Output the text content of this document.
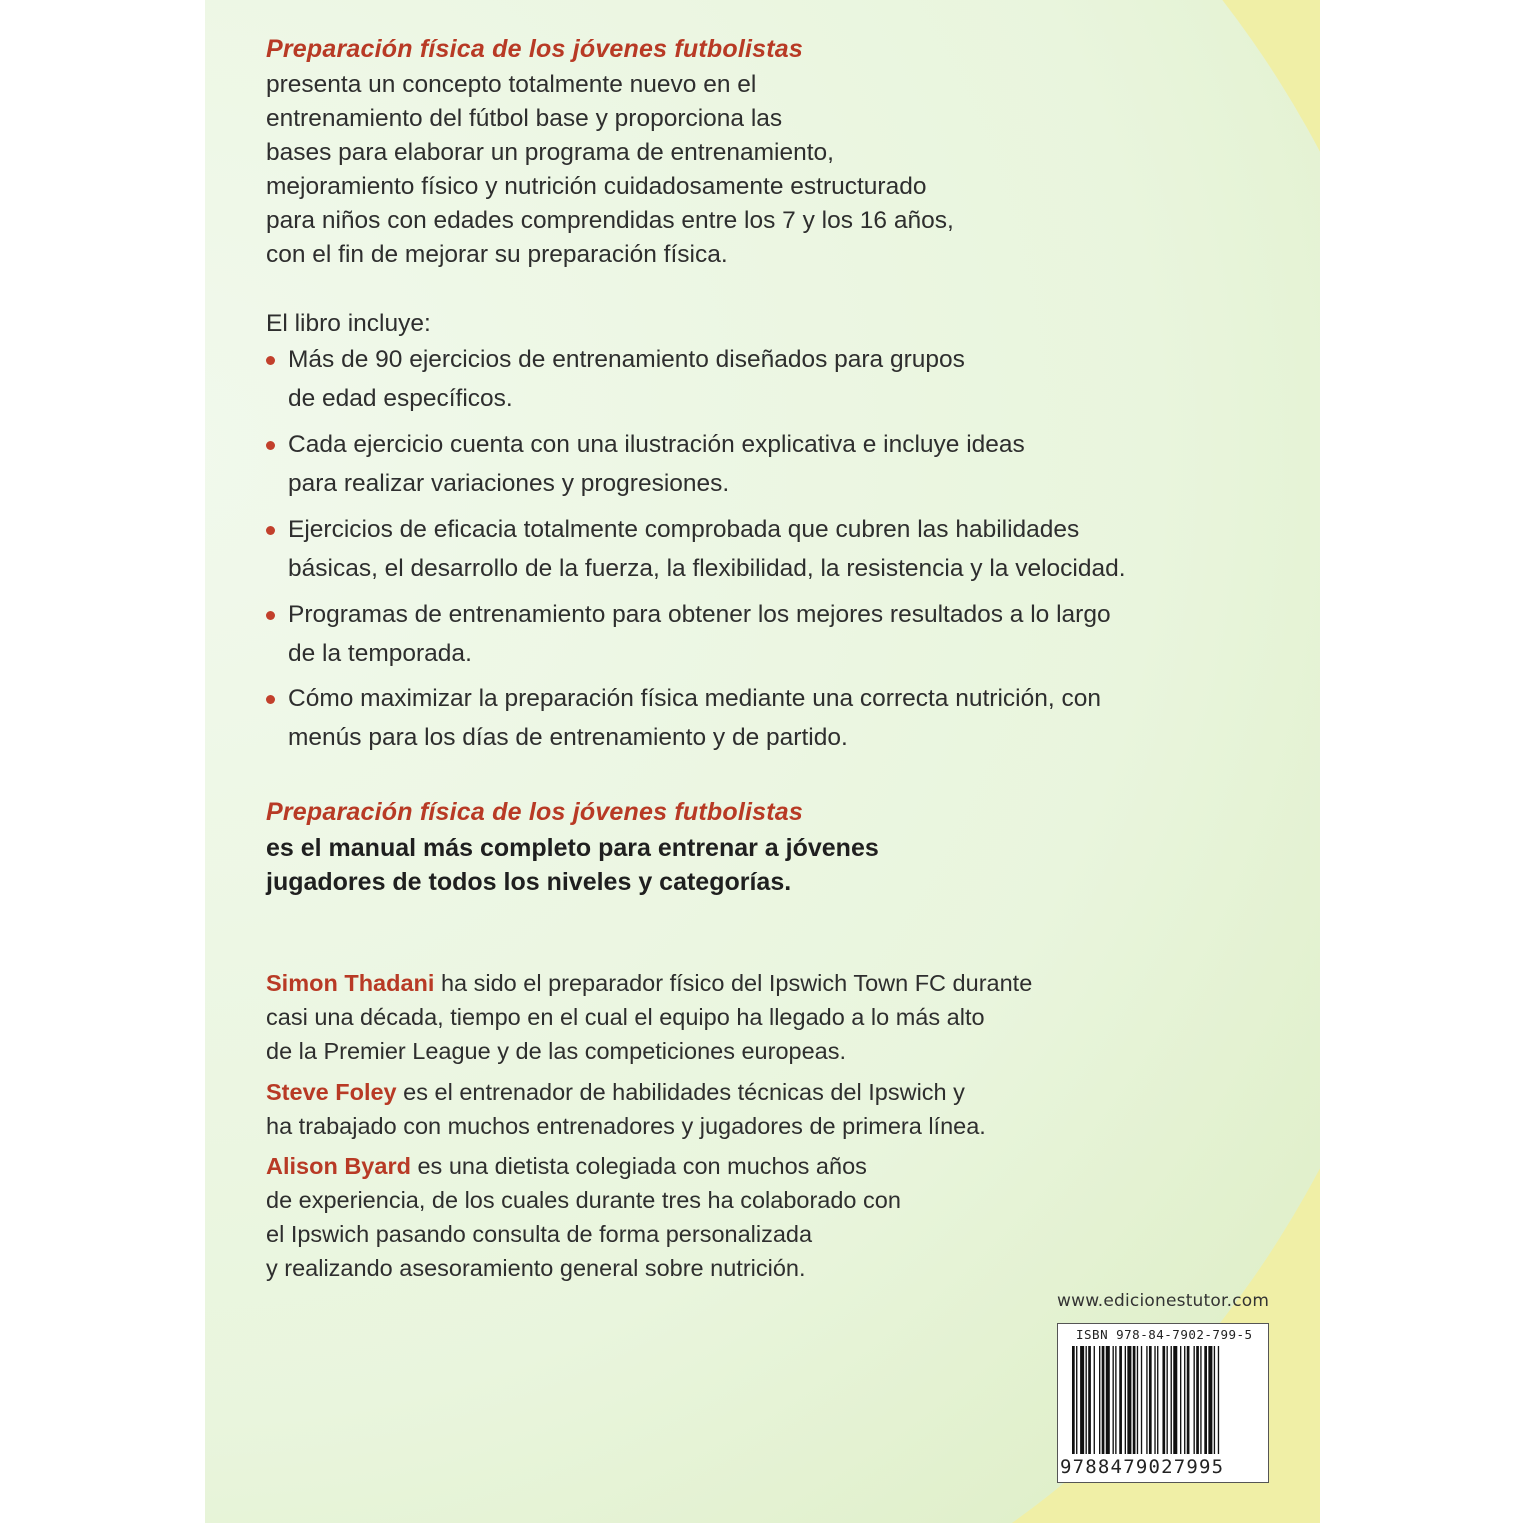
Preparación física de los jóvenes futbolistas
presenta un concepto totalmente nuevo en el
entrenamiento del fútbol base y proporciona las
bases para elaborar un programa de entrenamiento,
mejoramiento físico y nutrición cuidadosamente estructurado
para niños con edades comprendidas entre los 7 y los 16 años,
con el fin de mejorar su preparación física.
El libro incluye:
Más de 90 ejercicios de entrenamiento diseñados para grupos
de edad específicos.
Cada ejercicio cuenta con una ilustración explicativa e incluye ideas
para realizar variaciones y progresiones.
Ejercicios de eficacia totalmente comprobada que cubren las habilidades
básicas, el desarrollo de la fuerza, la flexibilidad, la resistencia y la velocidad.
Programas de entrenamiento para obtener los mejores resultados a lo largo
de la temporada.
Cómo maximizar la preparación física mediante una correcta nutrición, con
menús para los días de entrenamiento y de partido.
Preparación física de los jóvenes futbolistas
es el manual más completo para entrenar a jóvenes
jugadores de todos los niveles y categorías.
Simon Thadani ha sido el preparador físico del Ipswich Town FC durante
casi una década, tiempo en el cual el equipo ha llegado a lo más alto
de la Premier League y de las competiciones europeas.
Steve Foley es el entrenador de habilidades técnicas del Ipswich y
ha trabajado con muchos entrenadores y jugadores de primera línea.
Alison Byard es una dietista colegiada con muchos años
de experiencia, de los cuales durante tres ha colaborado con
el Ipswich pasando consulta de forma personalizada
y realizando asesoramiento general sobre nutrición.
www.edicionestutor.com
ISBN 978-84-7902-799-5
9788479027995
